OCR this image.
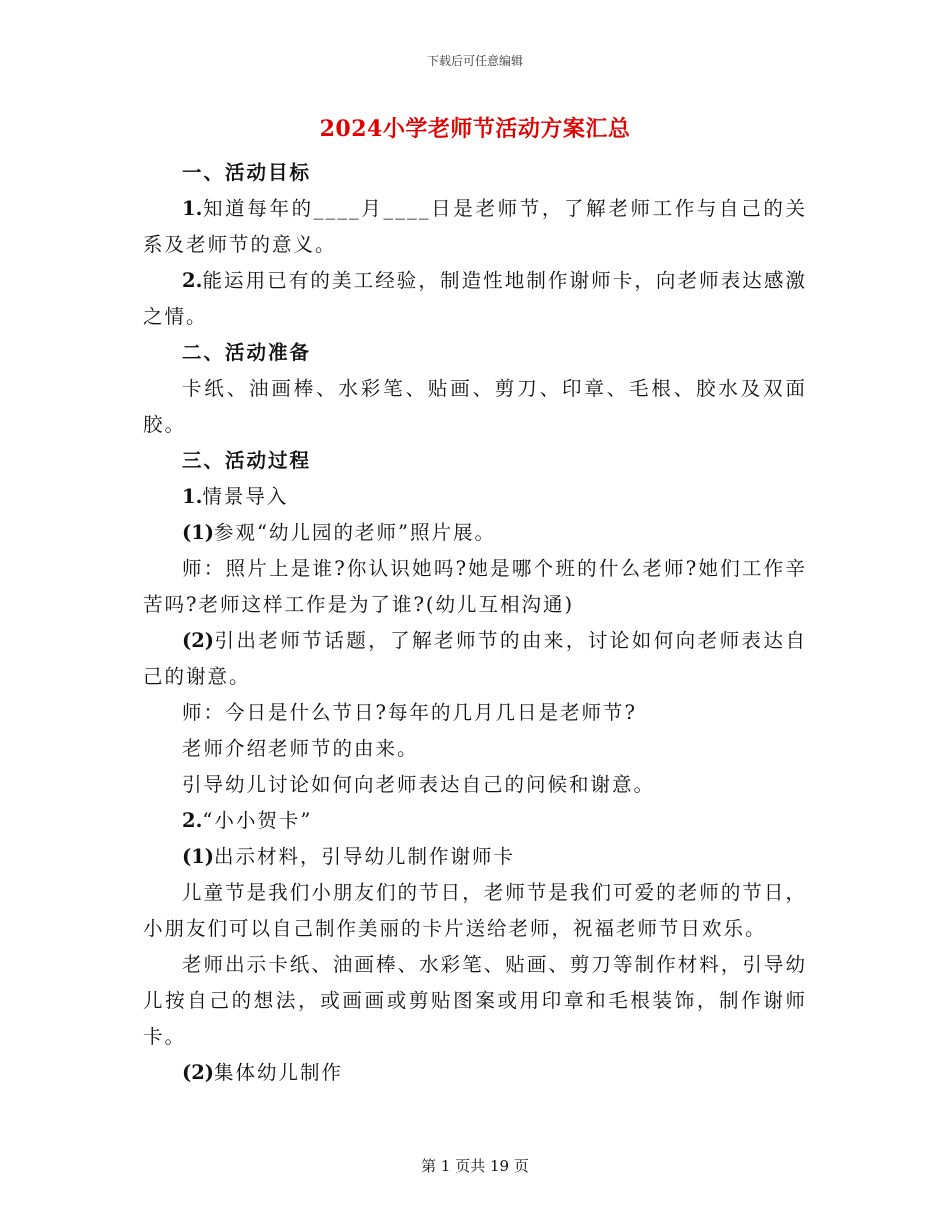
下载后可任意编辑
2024小学老师节活动方案汇总

一、活动目标

1.知道每年的____月____日是老师节，了解老师工作与自己的关系及老师节的意义。

2.能运用已有的美工经验，制造性地制作谢师卡，向老师表达感激之情。

二、活动准备

卡纸、油画棒、水彩笔、贴画、剪刀、印章、毛根、胶水及双面胶。

三、活动过程

1.情景导入

(1)参观“幼儿园的老师”照片展。

师：照片上是谁?你认识她吗?她是哪个班的什么老师?她们工作辛苦吗?老师这样工作是为了谁?(幼儿互相沟通)

(2)引出老师节话题，了解老师节的由来，讨论如何向老师表达自己的谢意。

师：今日是什么节日?每年的几月几日是老师节?

老师介绍老师节的由来。

引导幼儿讨论如何向老师表达自己的问候和谢意。

2.“小小贺卡”

(1)出示材料，引导幼儿制作谢师卡

儿童节是我们小朋友们的节日，老师节是我们可爱的老师的节日，小朋友们可以自己制作美丽的卡片送给老师，祝福老师节日欢乐。

老师出示卡纸、油画棒、水彩笔、贴画、剪刀等制作材料，引导幼儿按自己的想法，或画画或剪贴图案或用印章和毛根装饰，制作谢师卡。

(2)集体幼儿制作

第 1 页共 19 页
